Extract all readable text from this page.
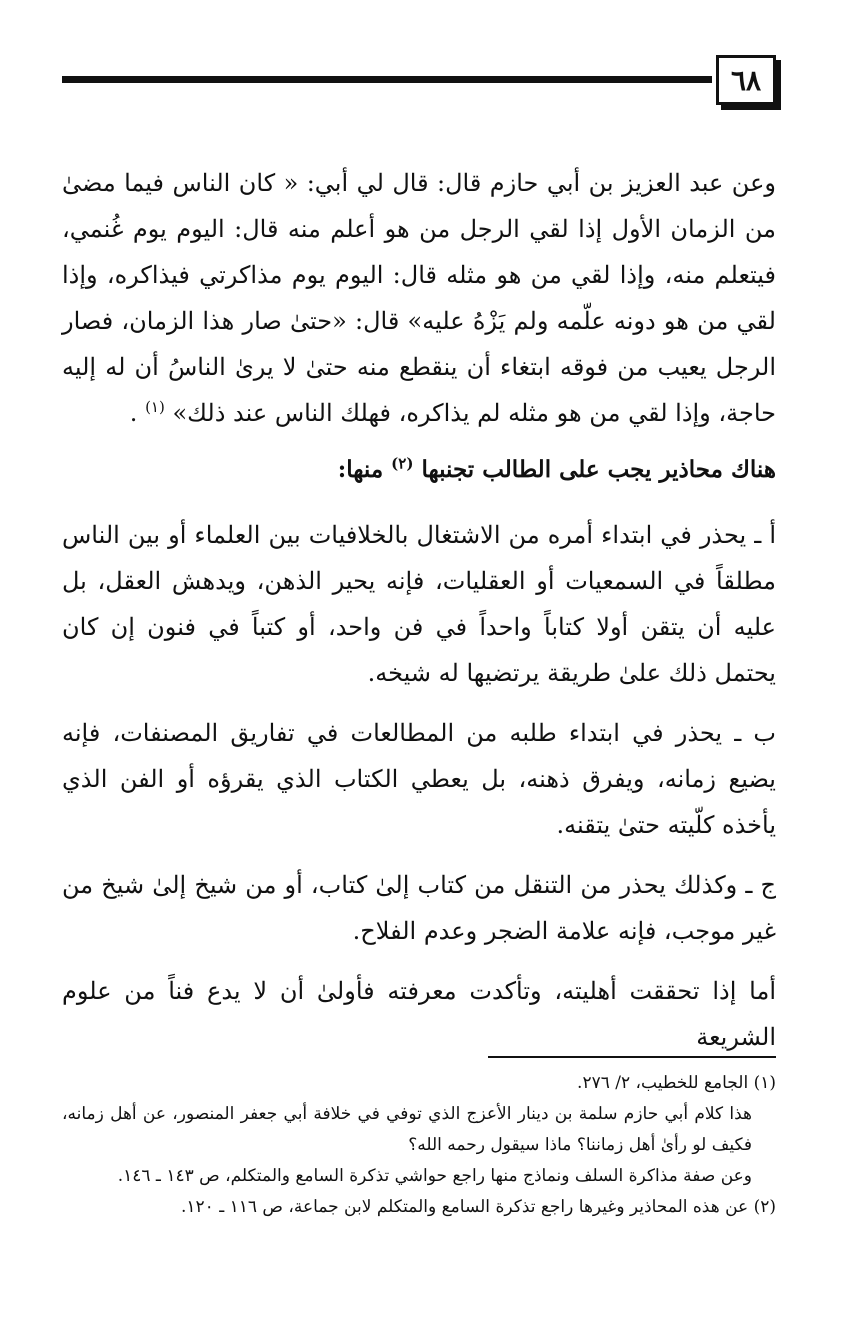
٦٨

وعن عبد العزيز بن أبي حازم قال: قال لي أبي: « كان الناس فيما مضىٰ من الزمان الأول إذا لقي الرجل من هو أعلم منه قال: اليوم يوم غُنمي، فيتعلم منه، وإذا لقي من هو مثله قال: اليوم يوم مذاكرتي فيذاكره، وإذا لقي من هو دونه علّمه ولم يَزْهُ عليه» قال: «حتىٰ صار هذا الزمان، فصار الرجل يعيب من فوقه ابتغاء أن ينقطع منه حتىٰ لا يرىٰ الناسُ أن له إليه حاجة، وإذا لقي من هو مثله لم يذاكره، فهلك الناس عند ذلك» $^{(١)}$ .

هناك محاذير يجب على الطالب تجنبها $^{(٢)}$ منها:

أ ـ يحذر في ابتداء أمره من الاشتغال بالخلافيات بين العلماء أو بين الناس مطلقاً في السمعيات أو العقليات، فإنه يحير الذهن، ويدهش العقل، بل عليه أن يتقن أولا كتاباً واحداً في فن واحد، أو كتباً في فنون إن كان يحتمل ذلك علىٰ طريقة يرتضيها له شيخه.

ب ـ يحذر في ابتداء طلبه من المطالعات في تفاريق المصنفات، فإنه يضيع زمانه، ويفرق ذهنه، بل يعطي الكتاب الذي يقرؤه أو الفن الذي يأخذه كلّيته حتىٰ يتقنه.

ج ـ وكذلك يحذر من التنقل من كتاب إلىٰ كتاب، أو من شيخ إلىٰ شيخ من غير موجب، فإنه علامة الضجر وعدم الفلاح.

أما إذا تحققت أهليته، وتأكدت معرفته فأولىٰ أن لا يدع فناً من علوم الشريعة

(١) الجامع للخطيب، ٢/ ٢٧٦.

هذا كلام أبي حازم سلمة بن دينار الأعزج الذي توفي في خلافة أبي جعفر المنصور، عن أهل زمانه، فكيف لو رأىٰ أهل زماننا؟ ماذا سيقول رحمه الله؟

وعن صفة مذاكرة السلف ونماذج منها راجع حواشي تذكرة السامع والمتكلم، ص ١٤٣ ـ ١٤٦.

(٢) عن هذه المحاذير وغيرها راجع تذكرة السامع والمتكلم لابن جماعة، ص ١١٦ ـ ١٢٠.
